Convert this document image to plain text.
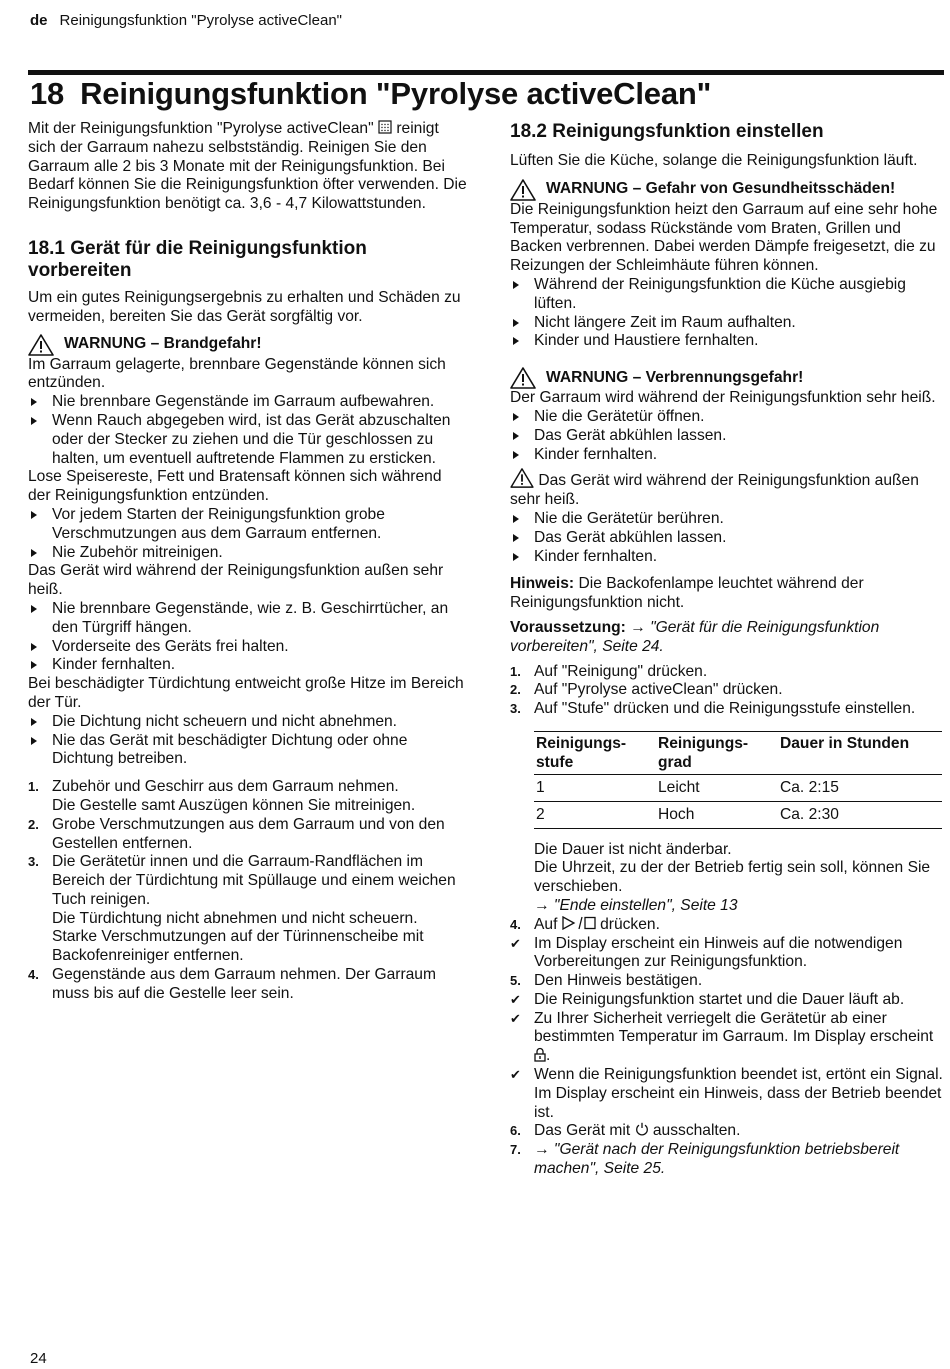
de Reinigungsfunktion "Pyrolyse activeClean"
18 Reinigungsfunktion "Pyrolyse activeClean"

Mit der Reinigungsfunktion "Pyrolyse activeClean" reinigt sich der Garraum nahezu selbstständig. Reinigen Sie den Garraum alle 2 bis 3 Monate mit der Reinigungsfunktion. Bei Bedarf können Sie die Reinigungsfunktion öfter verwenden. Die Reinigungsfunktion benötigt ca. 3,6 - 4,7 Kilowattstunden.

18.1 Gerät für die Reinigungsfunktion vorbereiten

Um ein gutes Reinigungsergebnis zu erhalten und Schäden zu vermeiden, bereiten Sie das Gerät sorgfältig vor.

WARNUNG – Brandgefahr!

Im Garraum gelagerte, brennbare Gegenstände können sich entzünden.

Nie brennbare Gegenstände im Garraum aufbewahren.
Wenn Rauch abgegeben wird, ist das Gerät abzuschalten oder der Stecker zu ziehen und die Tür geschlossen zu halten, um eventuell auftretende Flammen zu ersticken.

Lose Speisereste, Fett und Bratensaft können sich während der Reinigungsfunktion entzünden.

Vor jedem Starten der Reinigungsfunktion grobe Verschmutzungen aus dem Garraum entfernen.
Nie Zubehör mitreinigen.

Das Gerät wird während der Reinigungsfunktion außen sehr heiß.

Nie brennbare Gegenstände, wie z. B. Geschirrtücher, an den Türgriff hängen.
Vorderseite des Geräts frei halten.
Kinder fernhalten.

Bei beschädigter Türdichtung entweicht große Hitze im Bereich der Tür.

Die Dichtung nicht scheuern und nicht abnehmen.
Nie das Gerät mit beschädigter Dichtung oder ohne Dichtung betreiben.
1. Zubehör und Geschirr aus dem Garraum nehmen.
Die Gestelle samt Auszügen können Sie mitreinigen.
2. Grobe Verschmutzungen aus dem Garraum und von den Gestellen entfernen.
3. Die Gerätetür innen und die Garraum-Randflächen im Bereich der Türdichtung mit Spüllauge und einem weichen Tuch reinigen.
Die Türdichtung nicht abnehmen und nicht scheuern.
Starke Verschmutzungen auf der Türinnenscheibe mit Backofenreiniger entfernen.
4. Gegenstände aus dem Garraum nehmen. Der Garraum muss bis auf die Gestelle leer sein.
18.2 Reinigungsfunktion einstellen

Lüften Sie die Küche, solange die Reinigungsfunktion läuft.

WARNUNG – Gefahr von Gesundheitsschäden!

Die Reinigungsfunktion heizt den Garraum auf eine sehr hohe Temperatur, sodass Rückstände vom Braten, Grillen und Backen verbrennen. Dabei werden Dämpfe freigesetzt, die zu Reizungen der Schleimhäute führen können.

Während der Reinigungsfunktion die Küche ausgiebig lüften.
Nicht längere Zeit im Raum aufhalten.
Kinder und Haustiere fernhalten.
WARNUNG – Verbrennungsgefahr!

Der Garraum wird während der Reinigungsfunktion sehr heiß.

Nie die Gerätetür öffnen.
Das Gerät abkühlen lassen.
Kinder fernhalten.

Das Gerät wird während der Reinigungsfunktion außen sehr heiß.

Nie die Gerätetür berühren.
Das Gerät abkühlen lassen.
Kinder fernhalten.

Hinweis: Die Backofenlampe leuchtet während der Reinigungsfunktion nicht.

Voraussetzung: → "Gerät für die Reinigungsfunktion vorbereiten", Seite 24.

1. Auf "Reinigung" drücken.
2. Auf "Pyrolyse activeClean" drücken.
3. Auf "Stufe" drücken und die Reinigungsstufe einstellen.
Reinigungs-stufe	Reinigungs-grad	Dauer in Stunden
1	Leicht	Ca. 2:15
2	Hoch	Ca. 2:30
Die Dauer ist nicht änderbar.
Die Uhrzeit, zu der der Betrieb fertig sein soll, können Sie verschieben.
→ "Ende einstellen", Seite 13
4. Auf	drücken.
✔ Im Display erscheint ein Hinweis auf die notwendigen Vorbereitungen zur Reinigungsfunktion.
5. Den Hinweis bestätigen.
✔ Die Reinigungsfunktion startet und die Dauer läuft ab.
✔ Zu Ihrer Sicherheit verriegelt die Gerätetür ab einer bestimmten Temperatur im Garraum. Im Display erscheint .
✔ Wenn die Reinigungsfunktion beendet ist, ertönt ein Signal. Im Display erscheint ein Hinweis, dass der Betrieb beendet ist.
6. Das Gerät mit ausschalten.
7. → "Gerät nach der Reinigungsfunktion betriebsbereit machen", Seite 25.
24
